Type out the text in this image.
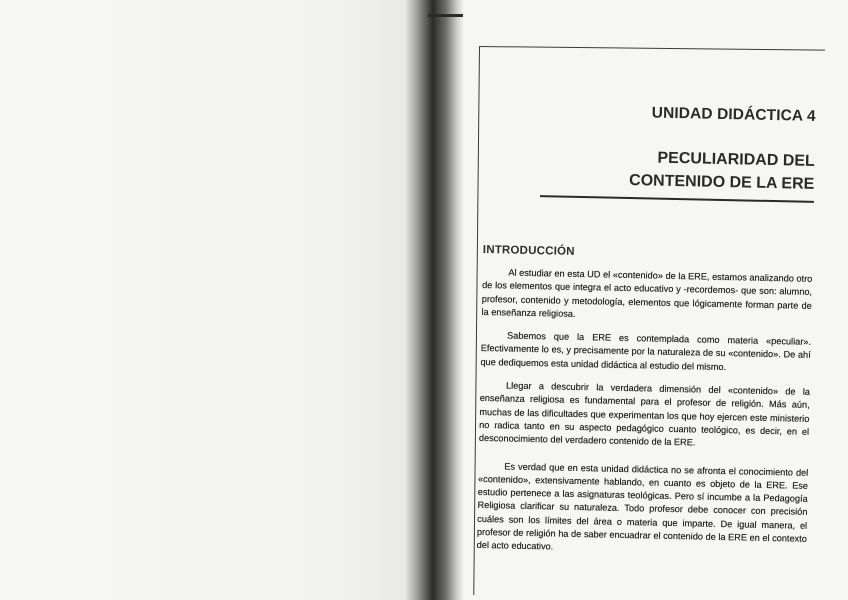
UNIDAD DIDÁCTICA 4

PECULIARIDAD DEL
CONTENIDO DE LA ERE

INTRODUCCIÓN

Al estudiar en esta UD el «contenido» de la ERE, estamos analizando otro de los elementos que integra el acto educativo y -recordemos- que son: alumno, profesor, contenido y metodología, elementos que lógicamente forman parte de la enseñanza religiosa.

Sabemos que la ERE es contemplada como materia «peculiar». Efectivamente lo es, y precisamente por la naturaleza de su «contenido». De ahí que dediquemos esta unidad didáctica al estudio del mismo.

Llegar a descubrir la verdadera dimensión del «contenido» de la enseñanza religiosa es fundamental para el profesor de religión. Más aún, muchas de las dificultades que experimentan los que hoy ejercen este ministerio no radica tanto en su aspecto pedagógico cuanto teológico, es decir, en el desconocimiento del verdadero contenido de la ERE.

Es verdad que en esta unidad didáctica no se afronta el conocimiento del «contenido», extensivamente hablando, en cuanto es objeto de la ERE. Ese estudio pertenece a las asignaturas teológicas. Pero sí incumbe a la Pedagogía Religiosa clarificar su naturaleza. Todo profesor debe conocer con precisión cuáles son los límites del área o materia que imparte. De igual manera, el profesor de religión ha de saber encuadrar el contenido de la ERE en el contexto del acto educativo.
